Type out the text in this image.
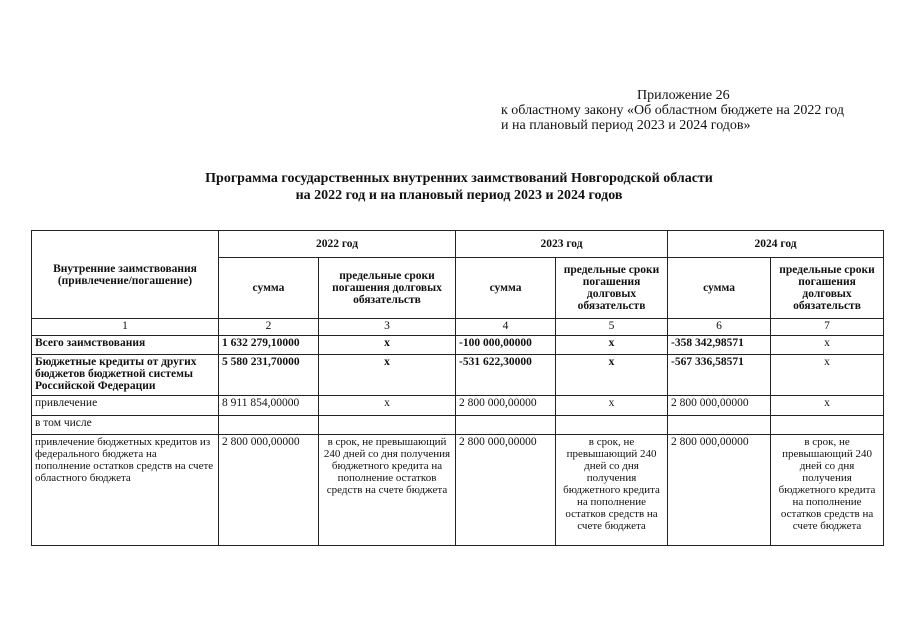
Приложение 26
к областному закону «Об областном бюджете на 2022 год
и на плановый период 2023 и 2024 годов»
Программа государственных внутренних заимствований Новгородской области
на 2022 год и на плановый период 2023 и 2024 годов
Внутренние заимствования (привлечение/погашение)	2022 год		2023 год		2024 год	
	сумма	предельные сроки погашения долговых обязательств	сумма	предельные сроки погашения долговых обязательств	сумма	предельные сроки погашения долговых обязательств
1	2	3	4	5	6	7
Всего заимствования	1 632 279,10000	х	-100 000,00000	х	-358 342,98571	х
Бюджетные кредиты от других бюджетов бюджетной системы Российской Федерации	5 580 231,70000	х	-531 622,30000	х	-567 336,58571	х
привлечение	8 911 854,00000	х	2 800 000,00000	х	2 800 000,00000	х
в том числе						
привлечение бюджетных кредитов из федерального бюджета на пополнение остатков средств на счете областного бюджета	2 800 000,00000	в срок, не превышающий 240 дней со дня получения бюджетного кредита на пополнение остатков средств на счете бюджета	2 800 000,00000	в срок, не превышающий 240 дней со дня получения бюджетного кредита на пополнение остатков средств на счете бюджета	2 800 000,00000	в срок, не превышающий 240 дней со дня получения бюджетного кредита на пополнение остатков средств на счете бюджета
